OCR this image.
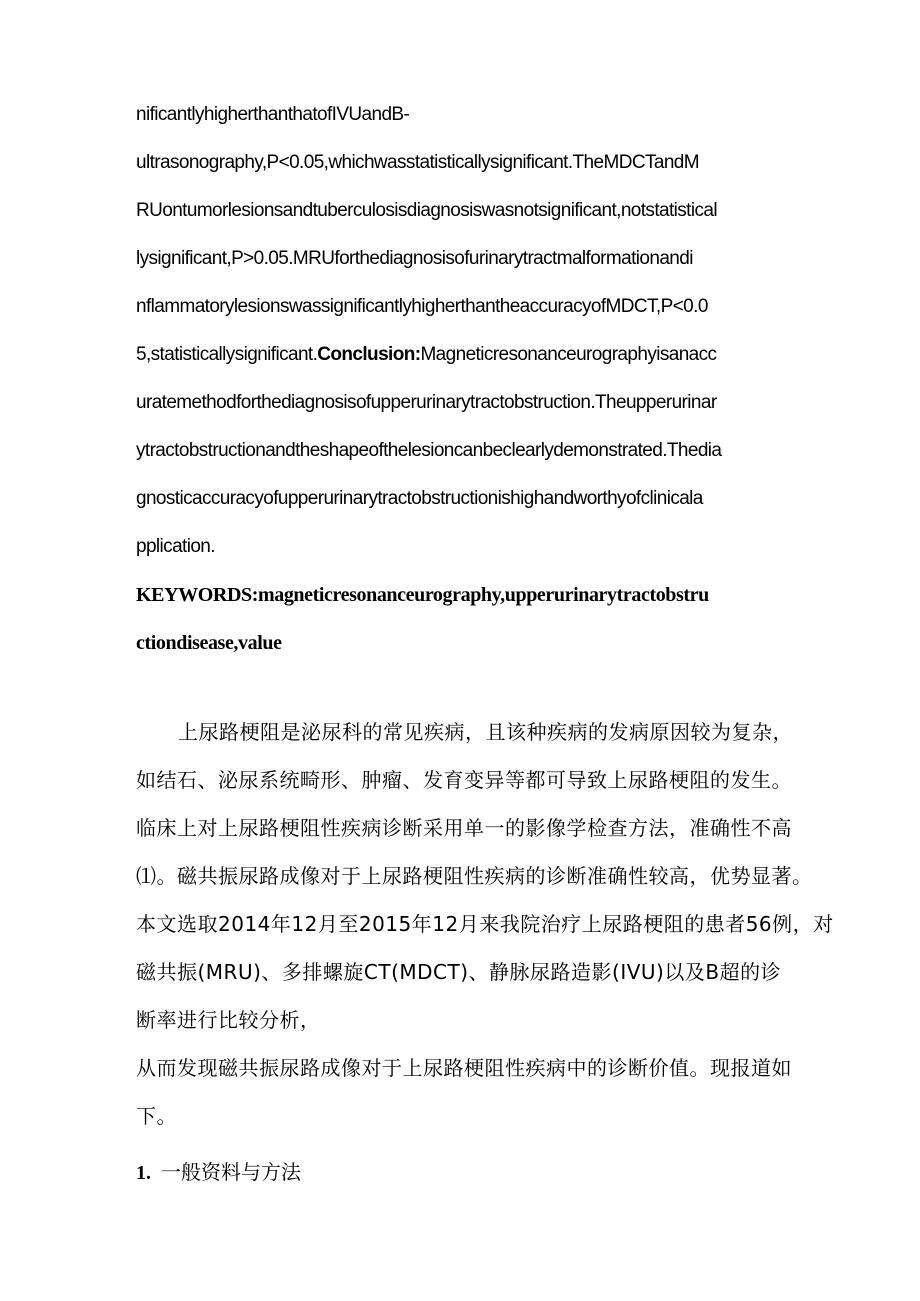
nificantlyhigherthanthatofIVUandB-
ultrasonography,P<0.05,whichwasstatisticallysignificant.TheMDCTandM
RUontumorlesionsandtuberculosisdiagnosiswasnotsignificant,notstatistical
lysignificant,P>0.05.MRUforthediagnosisofurinarytractmalformationandi
nflammatorylesionswassignificantlyhigherthantheaccuracyofMDCT,P<0.0
5,statisticallysignificant.Conclusion:Magneticresonanceurographyisanacc
uratemethodforthediagnosisofupperurinarytractobstruction.Theupperurinar
ytractobstructionandtheshapeofthelesioncanbeclearlydemonstrated.Thedia
gnosticaccuracyofupperurinarytractobstructionishighandworthyofclinicala
pplication.
KEYWORDS:magneticresonanceurography,upperurinarytractobstru
ctiondisease,value
上尿路梗阻是泌尿科的常见疾病，且该种疾病的发病原因较为复杂，
如结石、泌尿系统畸形、肿瘤、发育变异等都可导致上尿路梗阻的发生。
临床上对上尿路梗阻性疾病诊断采用单一的影像学检查方法，准确性不高
⑴。磁共振尿路成像对于上尿路梗阻性疾病的诊断准确性较高，优势显著。
本文选取2014年12月至2015年12月来我院治疗上尿路梗阻的患者56例，对
磁共振(MRU)、多排螺旋CT(MDCT)、静脉尿路造影(IVU)以及B超的诊
断率进行比较分析，
从而发现磁共振尿路成像对于上尿路梗阻性疾病中的诊断价值。现报道如
下。
1. 一般资料与方法
